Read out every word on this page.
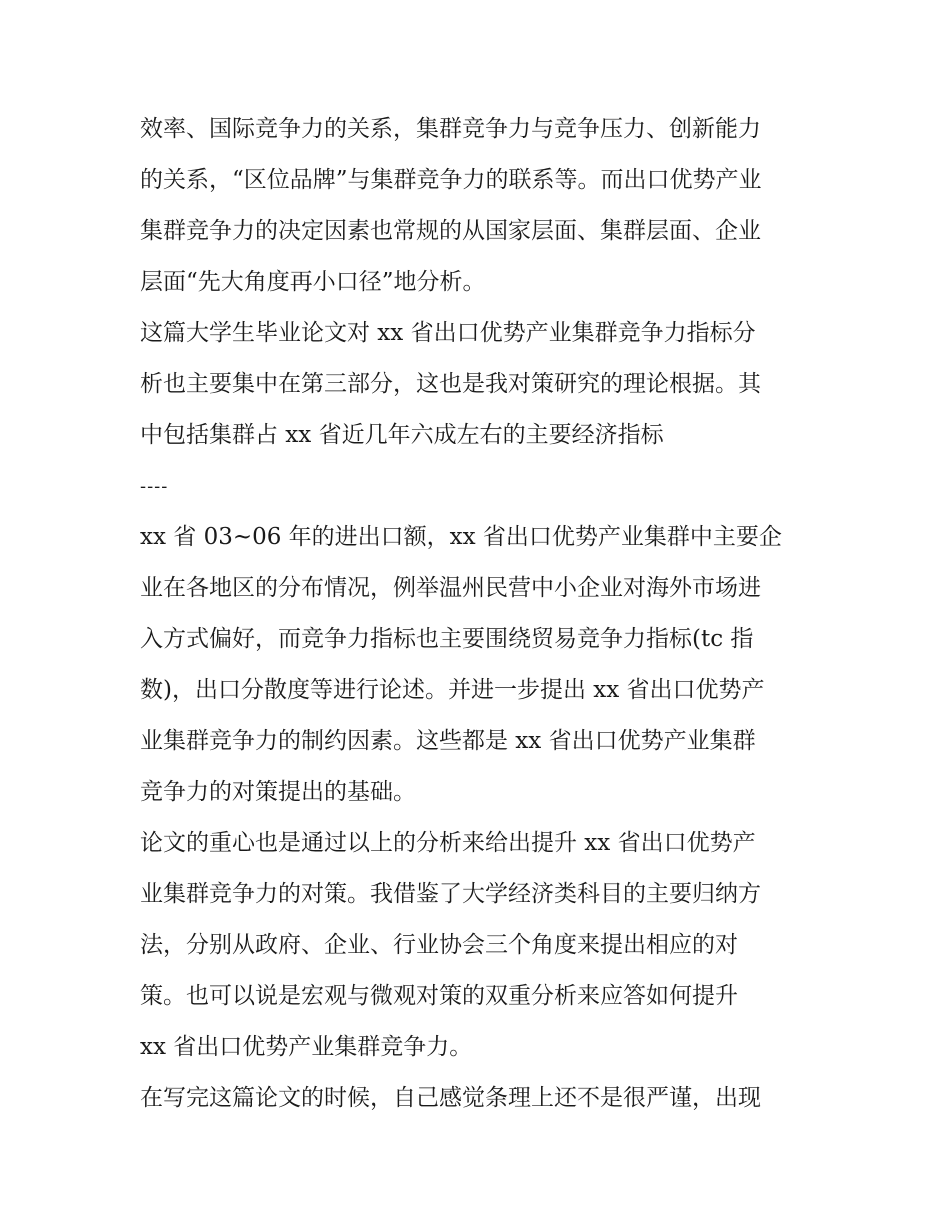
效率、国际竞争力的关系，集群竞争力与竞争压力、创新能力
的关系，“区位品牌”与集群竞争力的联系等。而出口优势产业
集群竞争力的决定因素也常规的从国家层面、集群层面、企业
层面“先大角度再小口径”地分析。
这篇大学生毕业论文对 xx 省出口优势产业集群竞争力指标分
析也主要集中在第三部分，这也是我对策研究的理论根据。其
中包括集群占 xx 省近几年六成左右的主要经济指标
----
xx 省 03~06 年的进出口额，xx 省出口优势产业集群中主要企
业在各地区的分布情况，例举温州民营中小企业对海外市场进
入方式偏好，而竞争力指标也主要围绕贸易竞争力指标(tc 指
数)，出口分散度等进行论述。并进一步提出 xx 省出口优势产
业集群竞争力的制约因素。这些都是 xx 省出口优势产业集群
竞争力的对策提出的基础。
论文的重心也是通过以上的分析来给出提升 xx 省出口优势产
业集群竞争力的对策。我借鉴了大学经济类科目的主要归纳方
法，分别从政府、企业、行业协会三个角度来提出相应的对
策。也可以说是宏观与微观对策的双重分析来应答如何提升
xx 省出口优势产业集群竞争力。
在写完这篇论文的时候，自己感觉条理上还不是很严谨，出现
